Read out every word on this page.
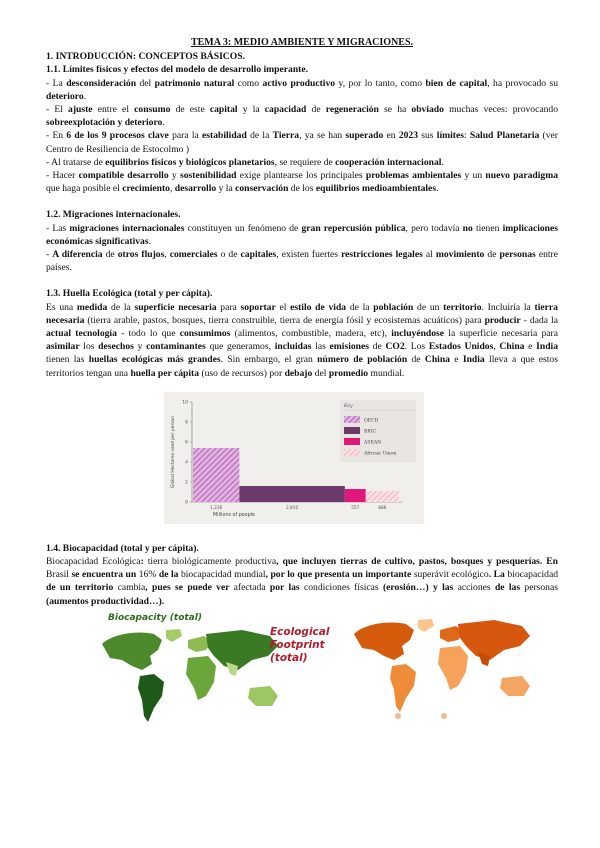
TEMA 3: MEDIO AMBIENTE Y MIGRACIONES.
1. INTRODUCCIÓN: CONCEPTOS BÁSICOS.
1.1. Límites físicos y efectos del modelo de desarrollo imperante.

- La desconsideración del patrimonio natural como activo productivo y, por lo tanto, como bien de capital, ha provocado su deterioro.

- El ajuste entre el consumo de este capital y la capacidad de regeneración se ha obviado muchas veces: provocando sobreexplotación y deterioro.

- En 6 de los 9 procesos clave para la estabilidad de la Tierra, ya se han superado en 2023 sus límites: Salud Planetaria (ver Centro de Resiliencia de Estocolmo )

- Al tratarse de equilibrios físicos y biológicos planetarios, se requiere de cooperación internacional.

- Hacer compatible desarrollo y sostenibilidad exige plantearse los principales problemas ambientales y un nuevo paradigma que haga posible el crecimiento, desarrollo y la conservación de los equilibrios medioambientales.

1.2. Migraciones internacionales.

- Las migraciones internacionales constituyen un fenómeno de gran repercusión pública, pero todavía no tienen implicaciones económicas significativas.

- A diferencia de otros flujos, comerciales o de capitales, existen fuertes restricciones legales al movimiento de personas entre países.

1.3. Huella Ecológica (total y per cápita).

Es una medida de la superficie necesaria para soportar el estilo de vida de la población de un territorio. Incluiría la tierra necesaria (tierra arable, pastos, bosques, tierra construible, tierra de energía fósil y ecosistemas acuáticos) para producir - dada la actual tecnología - todo lo que consumimos (alimentos, combustible, madera, etc), incluyéndose la superficie necesaria para asimilar los desechos y contaminantes que generamos, incluidas las emisiones de CO2. Los Estados Unidos, China e India tienen las huellas ecológicas más grandes. Sin embargo, el gran número de población de China e India lleva a que estos territorios tengan una huella per cápita (uso de recursos) por debajo del promedio mundial.

10
8
6
4
2
0
Global Hectares used per person
1,236	2,810	557	886
Millions of people
Key
OECD
BRIC
ASEAN
African Union
1.4. Biocapacidad (total y per cápita).

Biocapacidad Ecológica: tierra biológicamente productiva, que incluyen tierras de cultivo, pastos, bosques y pesquerías. En Brasil se encuentra un 16% de la biocapacidad mundial, por lo que presenta un importante superávit ecológico. La biocapacidad de un territorio cambia, pues se puede ver afectada por las condiciones físicas (erosión…) y las acciones de las personas (aumentos productividad…).

Biocapacity (total)
Ecological
Footprint
(total)
